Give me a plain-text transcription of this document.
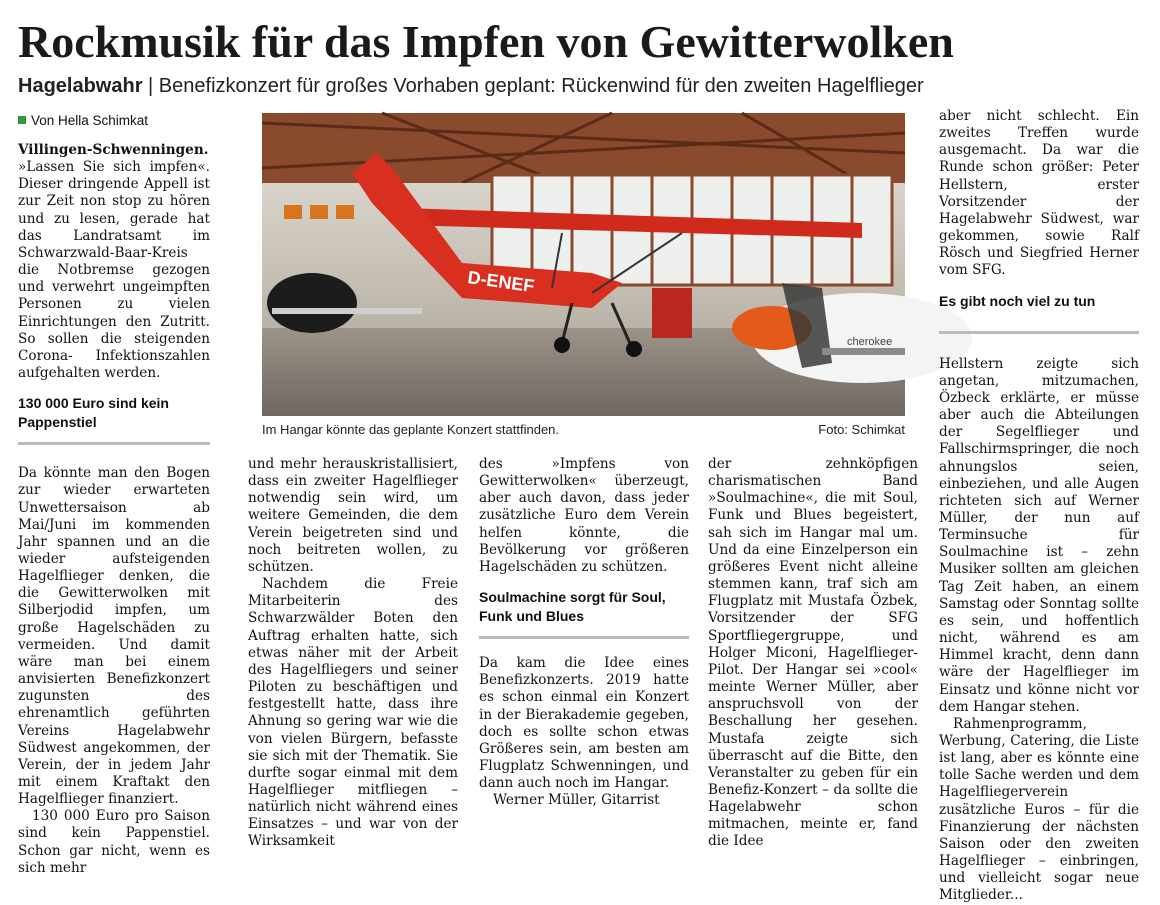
Rockmusik für das Impfen von Gewitterwolken
Hagelabwahr | Benefizkonzert für großes Vorhaben geplant: Rückenwind für den zweiten Hagelflieger
Von Hella Schimkat

Villingen-Schwenningen. »Lassen Sie sich impfen«. Dieser dringende Appell ist zur Zeit non stop zu hören und zu lesen, gerade hat das Landratsamt im Schwarzwald-Baar-Kreis die Notbremse gezogen und verwehrt ungeimpften Personen zu vielen Einrichtungen den Zutritt. So sollen die steigenden Corona- Infektionszahlen aufgehalten werden.

130 000 Euro sind kein Pappenstiel

Da könnte man den Bogen zur wieder erwarteten Unwettersaison ab Mai/Juni im kommenden Jahr spannen und an die wieder aufsteigenden Hagelflieger denken, die die Gewitterwolken mit Silberjodid impfen, um große Hagelschäden zu vermeiden. Und damit wäre man bei einem anvisierten Benefizkonzert zugunsten des ehrenamtlich geführten Vereins Hagelabwehr Südwest angekommen, der Verein, der in jedem Jahr mit einem Kraftakt den Hagelflieger finanziert.

130 000 Euro pro Saison sind kein Pappenstiel. Schon gar nicht, wenn es sich mehr

D-ENEF
cherokee
Im Hangar könnte das geplante Konzert stattfinden.	Foto: Schimkat

und mehr herauskristallisiert, dass ein zweiter Hagelflieger notwendig sein wird, um weitere Gemeinden, die dem Verein beigetreten sind und noch beitreten wollen, zu schützen.

Nachdem die Freie Mitarbeiterin des Schwarzwälder Boten den Auftrag erhalten hatte, sich etwas näher mit der Arbeit des Hagelfliegers und seiner Piloten zu beschäftigen und festgestellt hatte, dass ihre Ahnung so gering war wie die von vielen Bürgern, befasste sie sich mit der Thematik. Sie durfte sogar einmal mit dem Hagelflieger mitfliegen – natürlich nicht während eines Einsatzes – und war von der Wirksamkeit

des »Impfens von Gewitterwolken« überzeugt, aber auch davon, dass jeder zusätzliche Euro dem Verein helfen könnte, die Bevölkerung vor größeren Hagelschäden zu schützen.

Soulmachine sorgt für Soul, Funk und Blues

Da kam die Idee eines Benefizkonzerts. 2019 hatte es schon einmal ein Konzert in der Bierakademie gegeben, doch es sollte schon etwas Größeres sein, am besten am Flugplatz Schwenningen, und dann auch noch im Hangar.

Werner Müller, Gitarrist

der zehnköpfigen charismatischen Band »Soulmachine«, die mit Soul, Funk und Blues begeistert, sah sich im Hangar mal um. Und da eine Einzelperson ein größeres Event nicht alleine stemmen kann, traf sich am Flugplatz mit Mustafa Özbek, Vorsitzender der SFG Sportfliegergruppe, und Holger Miconi, Hagelflieger-Pilot. Der Hangar sei »cool« meinte Werner Müller, aber anspruchsvoll von der Beschallung her gesehen. Mustafa zeigte sich überrascht auf die Bitte, den Veranstalter zu geben für ein Benefiz-Konzert – da sollte die Hagelabwehr schon mitmachen, meinte er, fand die Idee

aber nicht schlecht. Ein zweites Treffen wurde ausgemacht. Da war die Runde schon größer: Peter Hellstern, erster Vorsitzender der Hagelabwehr Südwest, war gekommen, sowie Ralf Rösch und Siegfried Herner vom SFG.

Es gibt noch viel zu tun

Hellstern zeigte sich angetan, mitzumachen, Özbeck erklärte, er müsse aber auch die Abteilungen der Segelflieger und Fallschirmspringer, die noch ahnungslos seien, einbeziehen, und alle Augen richteten sich auf Werner Müller, der nun auf Terminsuche für Soulmachine ist – zehn Musiker sollten am gleichen Tag Zeit haben, an einem Samstag oder Sonntag sollte es sein, und hoffentlich nicht, während es am Himmel kracht, denn dann wäre der Hagelflieger im Einsatz und könne nicht vor dem Hangar stehen.

Rahmenprogramm, Werbung, Catering, die Liste ist lang, aber es könnte eine tolle Sache werden und dem Hagelfliegerverein zusätzliche Euros – für die Finanzierung der nächsten Saison oder den zweiten Hagelflieger – einbringen, und vielleicht sogar neue Mitglieder...
